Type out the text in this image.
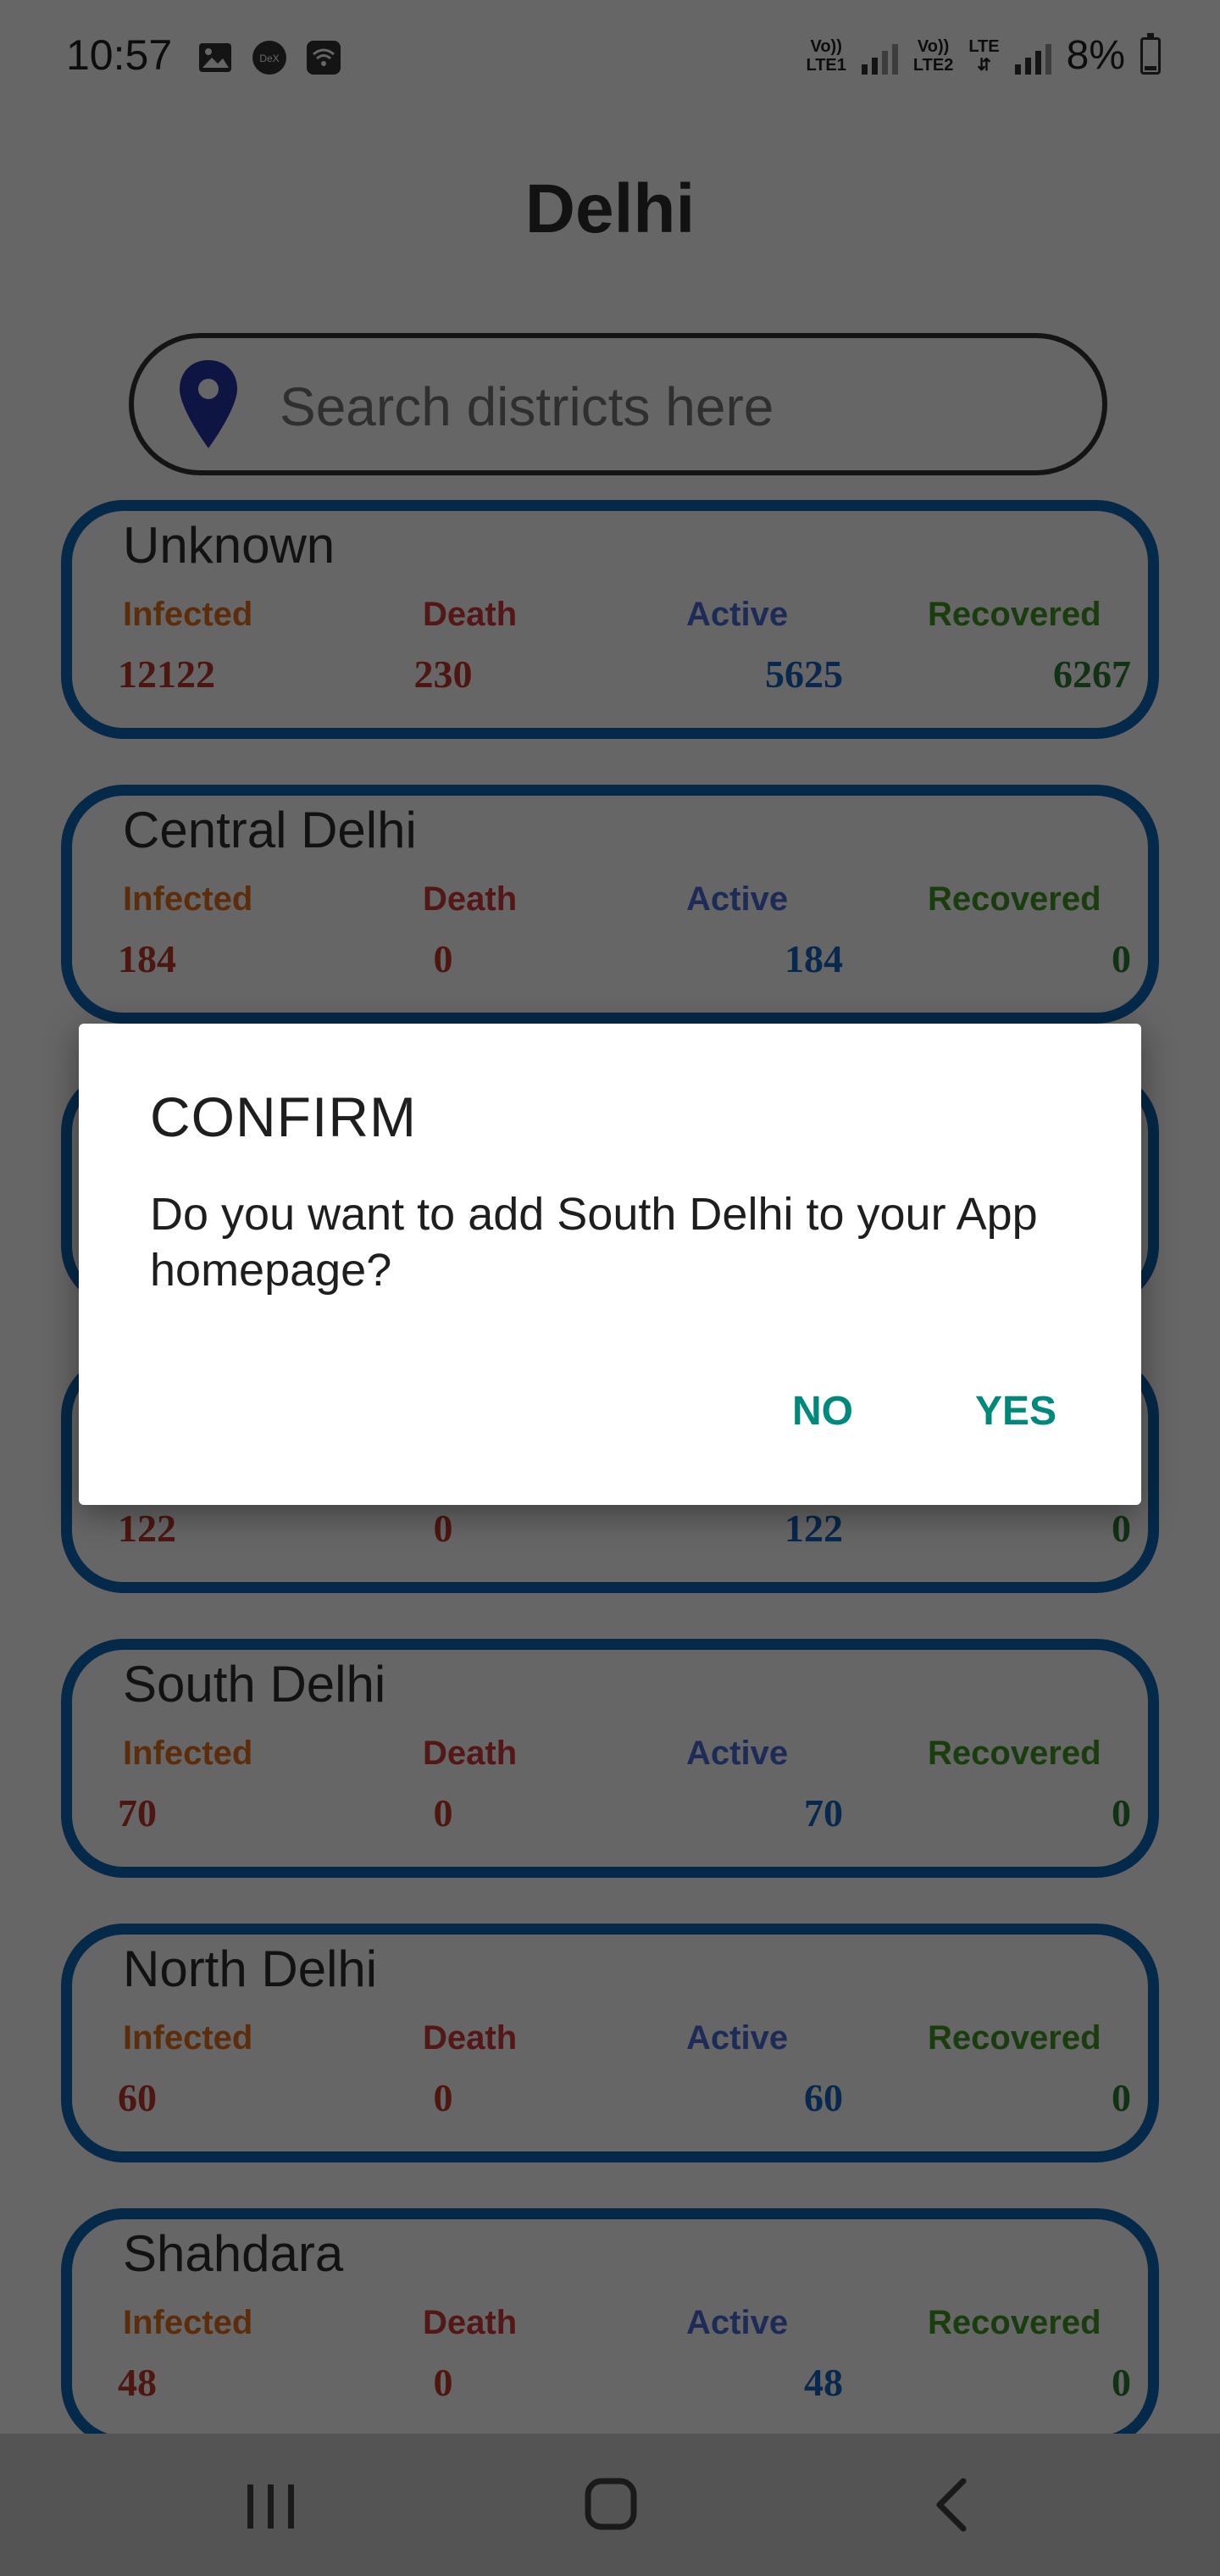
Search districts here
CONFIRM
Do you want to add South Delhi to your App homepage?
NO	YES
